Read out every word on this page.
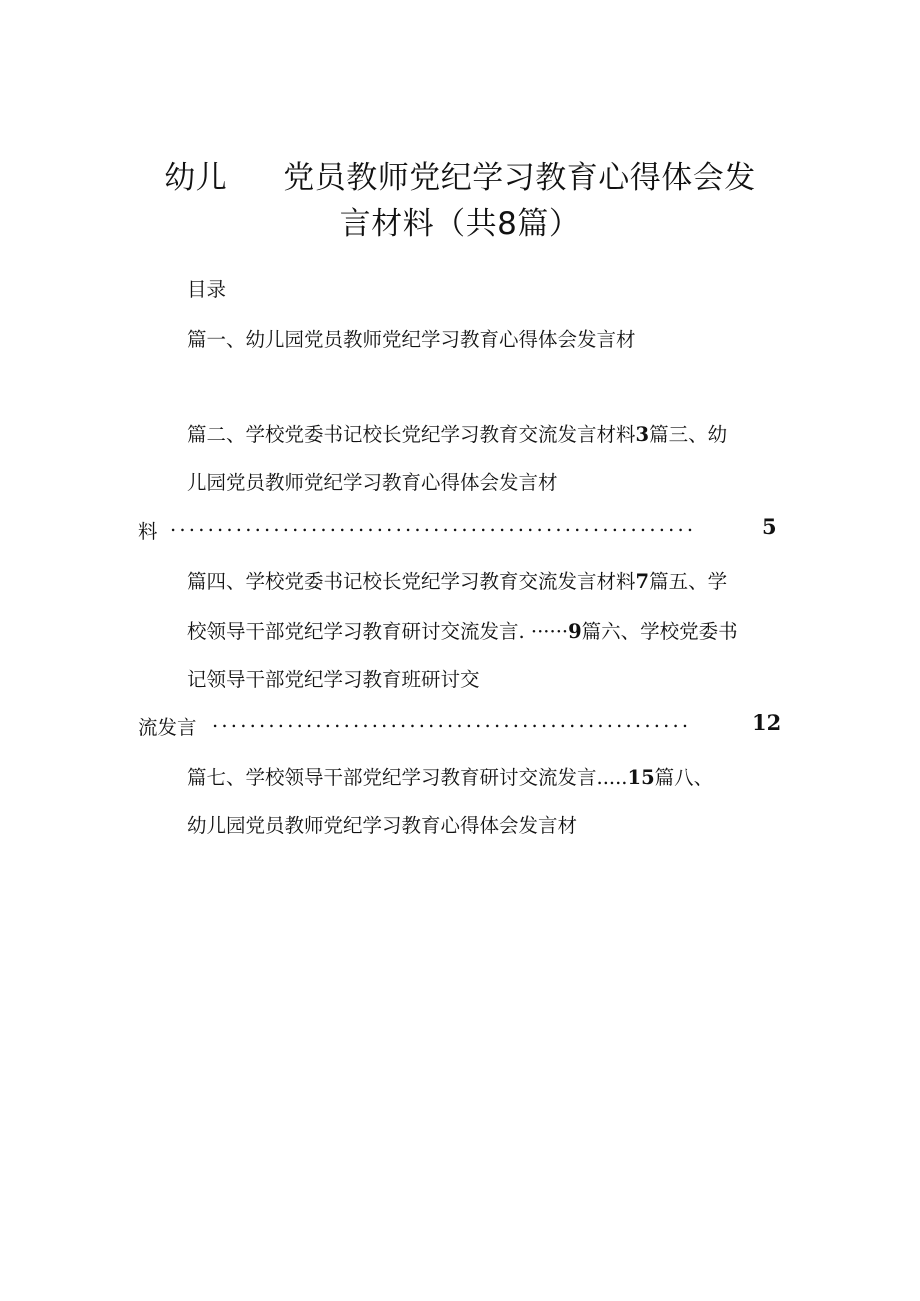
幼儿 党员教师党纪学习教育心得体会发
言材料（共8篇）
目录
篇一、幼儿园党员教师党纪学习教育心得体会发言材
篇二、学校党委书记校长党纪学习教育交流发言材料3篇三、幼
儿园党员教师党纪学习教育心得体会发言材
料 ........................................................	5
篇四、学校党委书记校长党纪学习教育交流发言材料7篇五、学
校领导干部党纪学习教育研讨交流发言. ······9篇六、学校党委书
记领导干部党纪学习教育班研讨交
流发言 ...................................................	12
篇七、学校领导干部党纪学习教育研讨交流发言.....15篇八、
幼儿园党员教师党纪学习教育心得体会发言材
